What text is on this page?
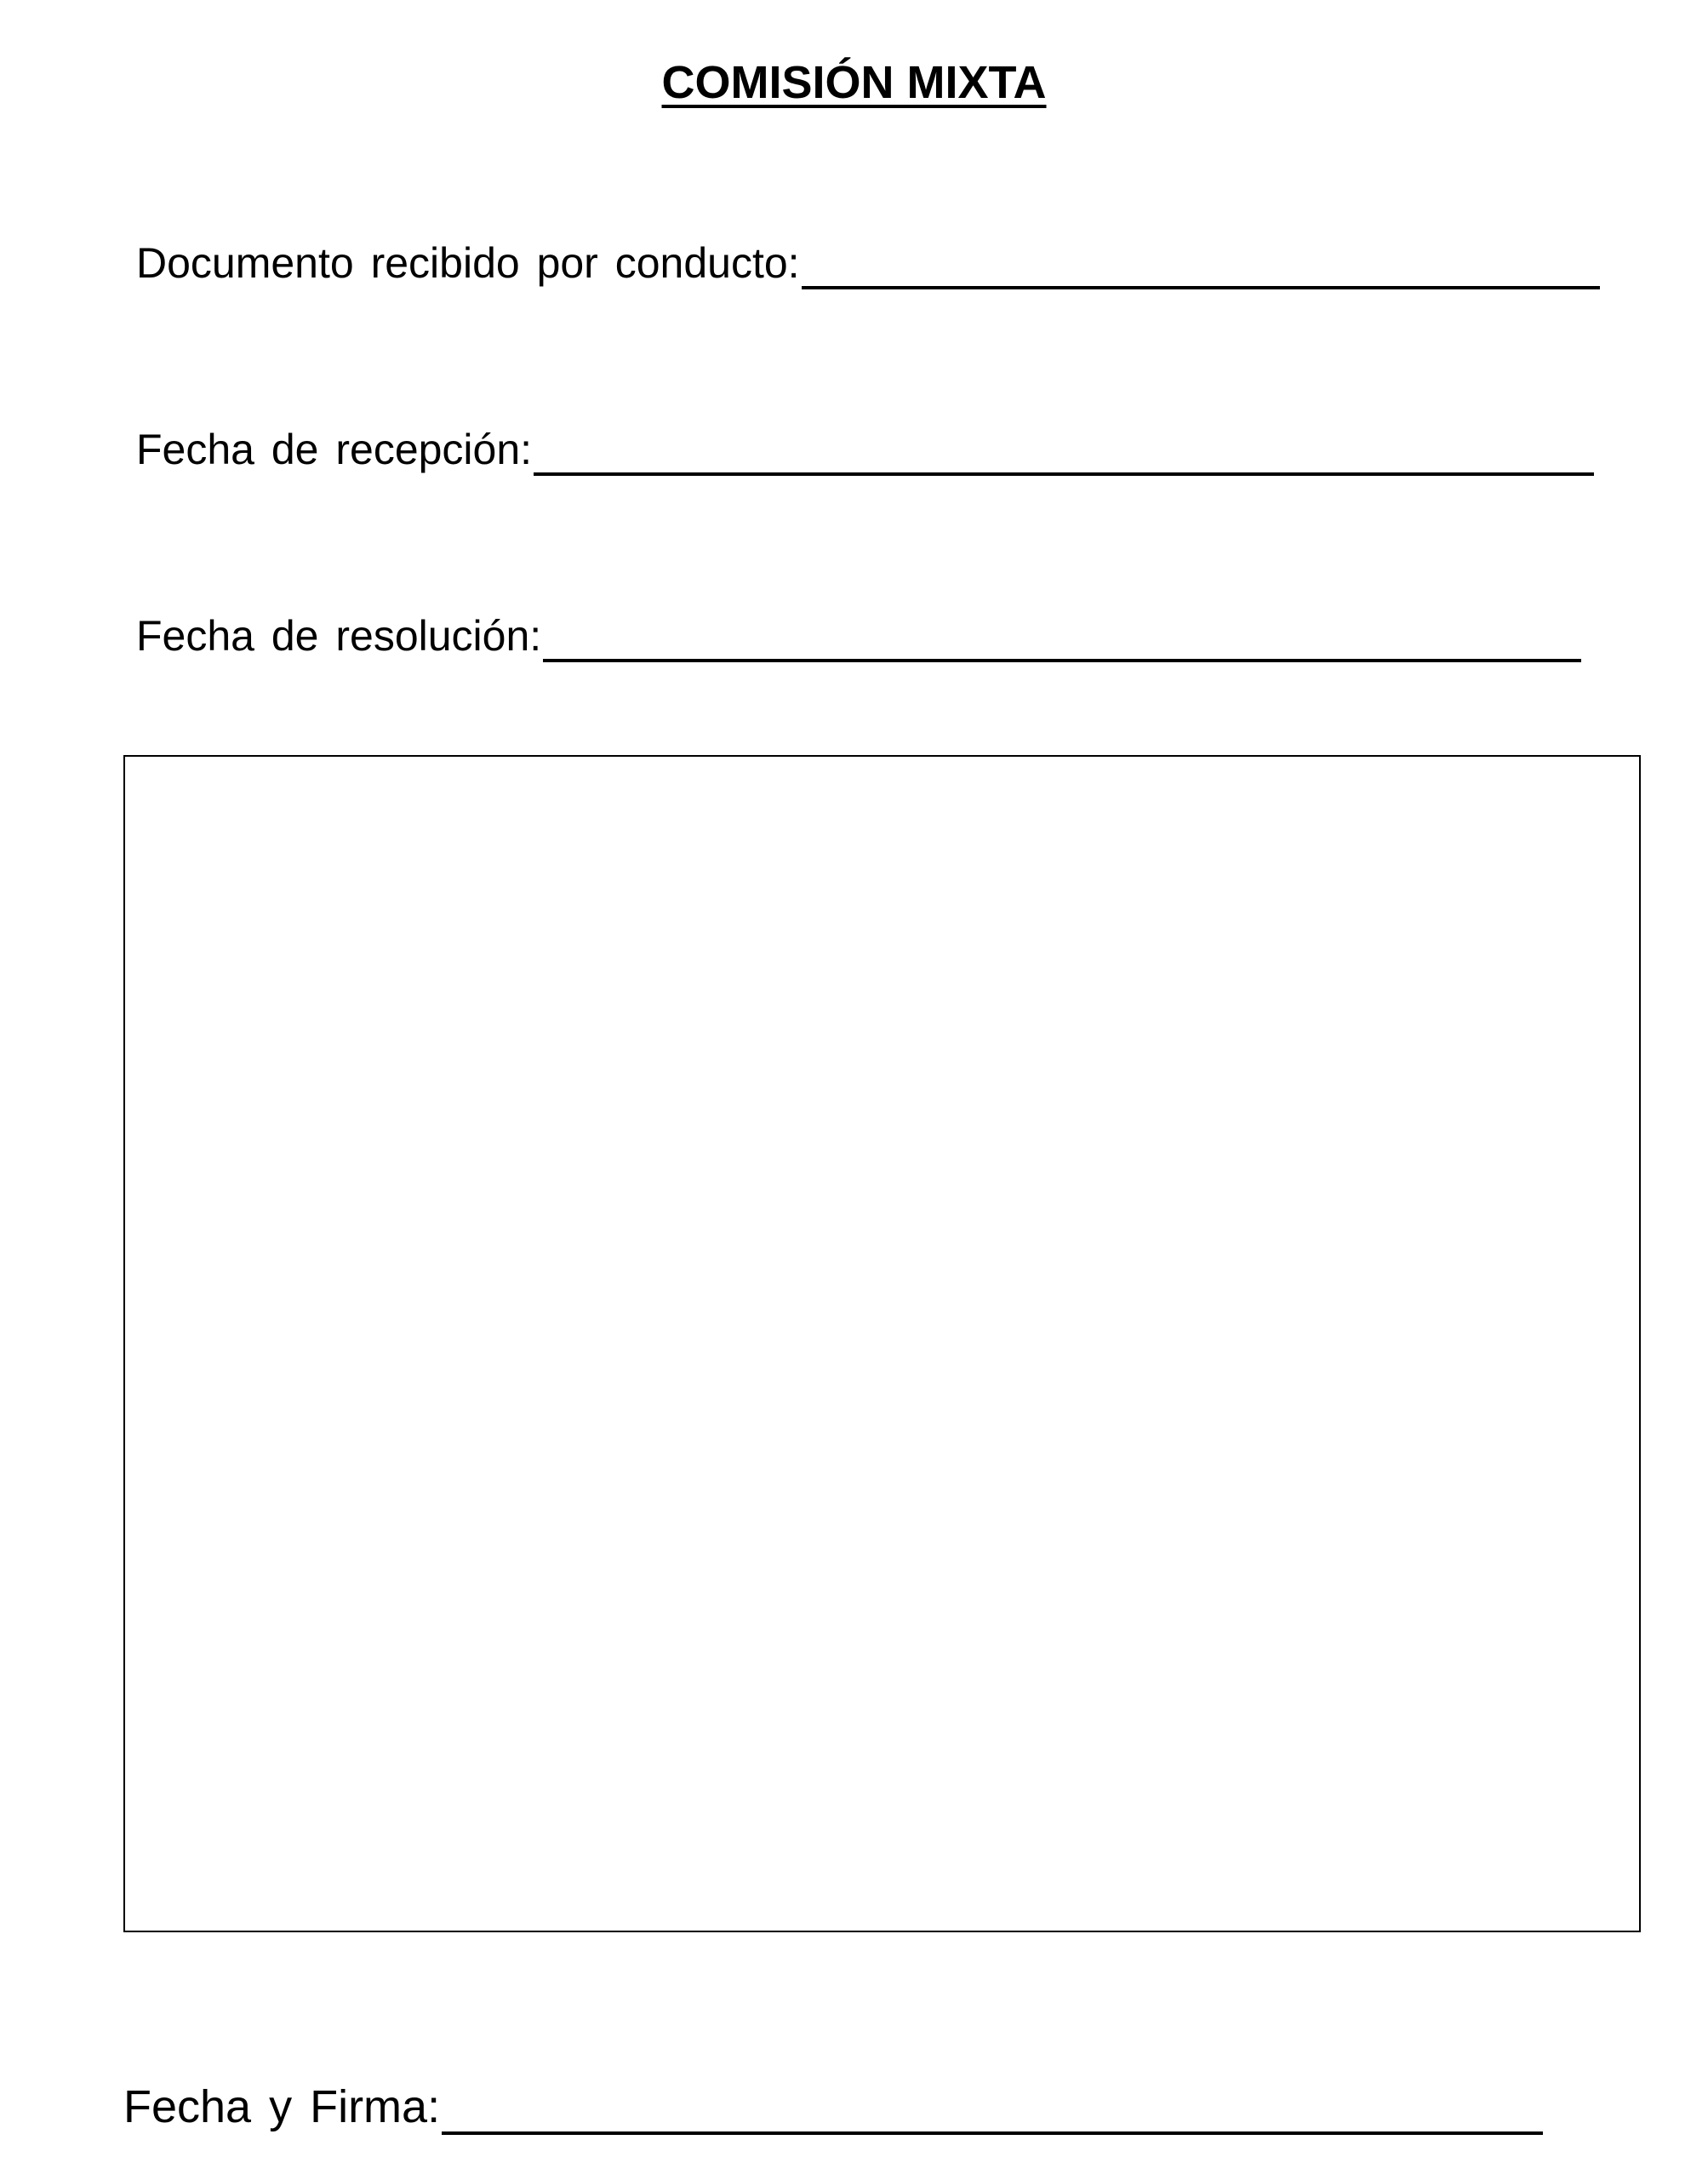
COMISIÓN MIXTA
Documento recibido por conducto:
Fecha de recepción:
Fecha de resolución:
Fecha y Firma:
